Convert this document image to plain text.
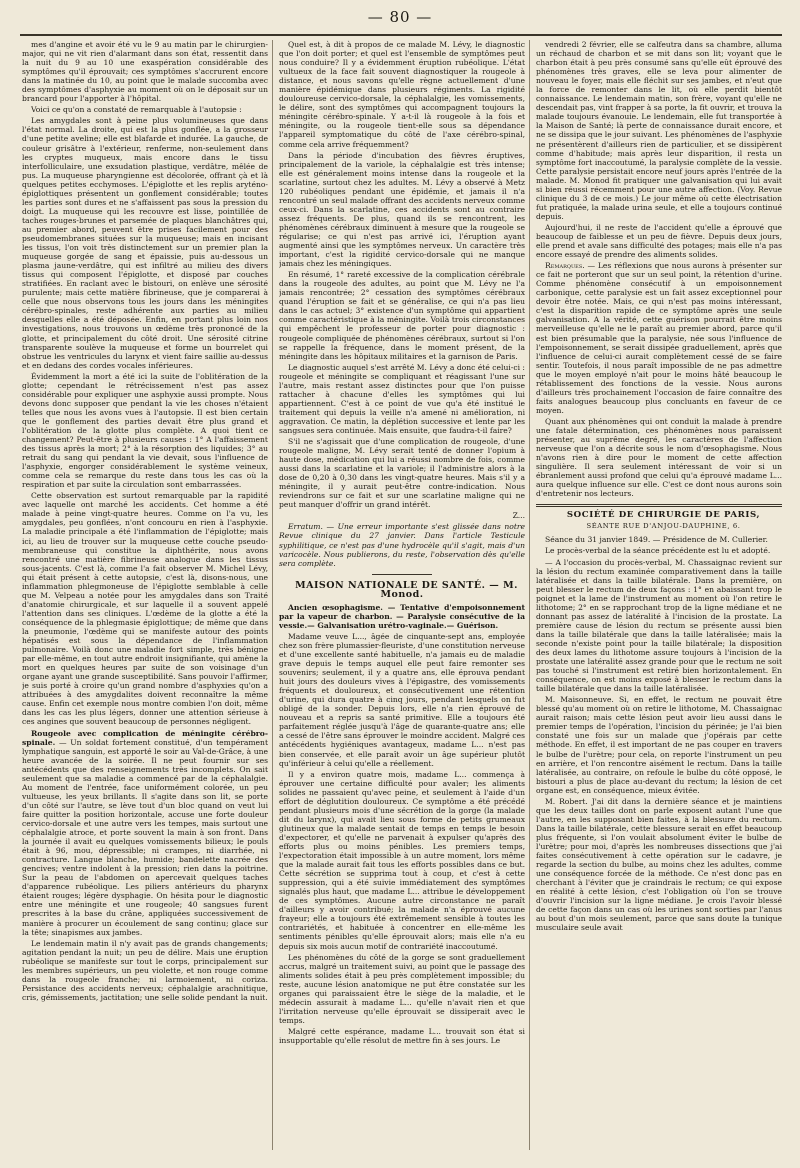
— 80 —

mes d'angine et avoir été vu le 9 au matin par le chirurgien-major, qui ne vit rien d'alarmant dans son état, ressentit dans la nuit du 9 au 10 une exaspération considérable des symptômes qu'il éprouvait; ces symptômes s'accrurent encore dans la matinée du 10, au point que le malade succomba avec des symptômes d'asphyxie au moment où on le déposait sur un brancard pour l'apporter à l'hôpital.

Voici ce qu'on a constaté de remarquable à l'autopsie :

Les amygdales sont à peine plus volumineuses que dans l'état normal. La droite, qui est la plus gonflée, a la grosseur d'une petite aveline; elle est blafarde et indurée. La gauche, de couleur grisâtre à l'extérieur, renferme, non-seulement dans les cryptes muqueux, mais encore dans le tissu interfolliculaire, une exsudation plastique, verdâtre, mêlée de pus. La muqueuse pharyngienne est décolorée, offrant çà et là quelques petites ecchymoses. L'épiglotte et les replis aryténo-épiglottiques présentent un gonflement considérable; toutes les parties sont dures et ne s'affaissent pas sous la pression du doigt. La muqueuse qui les recouvre est lisse, pointillée de taches rouges-brunes et parsemée de plaques blanchâtres qui, au premier abord, peuvent être prises facilement pour des pseudomembranes situées sur la muqueuse; mais en incisant les tissus, l'on voit très distinctement sur un premier plan la muqueuse gorgée de sang et épaissie, puis au-dessous un plasma jaune-verdâtre, qui est infiltré au milieu des divers tissus qui composent l'épiglotte, et disposé par couches stratifiées. En raclant avec le bistouri, on enlève une sérosité purulente; mais cette matière fibrineuse, que je comparerai à celle que nous observons tous les jours dans les méningites cérébro-spinales, reste adhérente aux parties au milieu desquelles elle a été déposée. Enfin, en portant plus loin nos investigations, nous trouvons un œdème très prononcé de la glotte, et principalement du côté droit. Une sérosité citrine transparente soulève la muqueuse et forme un bourrelet qui obstrue les ventricules du larynx et vient faire saillie au-dessus et en dedans des cordes vocales inférieures.

Évidemment la mort a été ici la suite de l'oblitération de la glotte; cependant le rétrécissement n'est pas assez considérable pour expliquer une asphyxie aussi prompte. Nous devons donc supposer que pendant la vie les choses n'étaient telles que nous les avons vues à l'autopsie. Il est bien certain que le gonflement des parties devait être plus grand et l'oblitération de la glotte plus complète. A quoi tient ce changement? Peut-être à plusieurs causes : 1° A l'affaissement des tissus après la mort; 2° à la résorption des liquides; 3° au retrait du sang qui pendant la vie devait, sous l'influence de l'asphyxie, engorger considérablement le système veineux, comme cela se remarque du reste dans tous les cas où la respiration et par suite la circulation sont embarrassées.

Cette observation est surtout remarquable par la rapidité avec laquelle ont marché les accidents. Cet homme a été malade à peine vingt-quatre heures. Comme on l'a vu, les amygdales, peu gonflées, n'ont concouru en rien à l'asphyxie. La maladie principale a été l'inflammation de l'épiglotte; mais ici, au lieu de trouver sur la muqueuse cette couche pseudo-membraneuse qui constitue la diphthérite, nous avons rencontré une matière fibrineuse analogue dans les tissus sous-jacents. C'est là, comme l'a fait observer M. Michel Lévy, qui était présent à cette autopsie, c'est là, disons-nous, une inflammation phlegmoneuse de l'épiglotte semblable à celle que M. Velpeau a notée pour les amygdales dans son Traité d'anatomie chirurgicale, et sur laquelle il a souvent appelé l'attention dans ses cliniques. L'œdème de la glotte a été la conséquence de la phlegmasie épiglottique; de même que dans la pneumonie, l'œdème qui se manifeste autour des points hépatisés est sous la dépendance de l'inflammation pulmonaire. Voilà donc une maladie fort simple, très bénigne par elle-même, en tout autre endroit insignifiante, qui amène la mort en quelques heures par suite de son voisinage d'un organe ayant une grande susceptibilité. Sans pouvoir l'affirmer, je suis porté à croire qu'un grand nombre d'asphyxies qu'on a attribuées à des amygdalites doivent reconnaître la même cause. Enfin cet exemple nous montre combien l'on doit, même dans les cas les plus légers, donner une attention sérieuse à ces angines que souvent beaucoup de personnes négligent.

Rougeole avec complication de méningite cérébro-spinale. — Un soldat fortement constitué, d'un tempérament lymphatique sanguin, est apporté le soir au Val-de-Grâce, à une heure avancée de la soirée. Il ne peut fournir sur ses antécédents que des renseignements très incomplets. On sait seulement que sa maladie a commencé par de la céphalalgie. Au moment de l'entrée, face uniformément colorée, un peu vultueuse, les yeux brillants. Il s'agite dans son lit, se porte d'un côté sur l'autre, se lève tout d'un bloc quand on veut lui faire quitter la position horizontale, accuse une forte douleur cervico-dorsale et une autre vers les tempes, mais surtout une céphalalgie atroce, et porte souvent la main à son front. Dans la journée il avait eu quelques vomissements bilieux; le pouls était à 96, mou, dépressible; ni crampes, ni diarrhée, ni contracture. Langue blanche, humide; bandelette nacrée des gencives; ventre indolent à la pression; rien dans la poitrine. Sur la peau de l'abdomen on apercevait quelques taches d'apparence rubéolique. Les piliers antérieurs du pharynx étaient rouges; légère dysphagie. On hésita pour le diagnostic entre une méningite et une rougeole; 40 sangsues furent prescrites à la base du crâne, appliquées successivement de manière à procurer un écoulement de sang continu; glace sur la tête; sinapismes aux jambes.

Le lendemain matin il n'y avait pas de grands changements; agitation pendant la nuit; un peu de délire. Mais une éruption rubéolique se manifeste sur tout le corps, principalement sur les membres supérieurs, un peu violette, et non rouge comme dans la rougeole franche; ni larmoiement, ni coriza. Persistance des accidents nerveux; céphalalgie arachnitique, cris, gémissements, jactitation; une selle solide pendant la nuit.

Quel est, à dit à propos de ce malade M. Lévy, le diagnostic que l'on doit porter; et quel est l'ensemble de symptômes peut nous conduire? Il y a évidemment éruption rubéolique. L'état vultueux de la face fait souvent diagnostiquer la rougeole à distance, et nous savons qu'elle règne actuellement d'une manière épidémique dans plusieurs régiments. La rigidité douloureuse cervico-dorsale, la céphalalgie, les vomissements, le délire, sont des symptômes qui accompagnent toujours la méningite cérébro-spinale. Y a-t-il là rougeole à la fois et méningite, ou la rougeole tient-elle sous sa dépendance l'appareil symptomatique du côté de l'axe cérébro-spinal, comme cela arrive fréquemment?

Dans la période d'incubation des fièvres éruptives, principalement de la variole, la céphalalgie est très intense; elle est généralement moins intense dans la rougeole et la scarlatine, surtout chez les adultes. M. Lévy a observé à Metz 120 rubéoliques pendant une épidémie, et jamais il n'a rencontré un seul malade offrant des accidents nerveux comme ceux-ci. Dans la scarlatine, ces accidents sont au contraire assez fréquents. De plus, quand ils se rencontrent, les phénomènes cérébraux diminuent à mesure que la rougeole se régularise; ce qui n'est pas arrivé ici, l'éruption ayant augmenté ainsi que les symptômes nerveux. Un caractère très important, c'est la rigidité cervico-dorsale qui ne manque jamais chez les méningiques.

En résumé, 1° rareté excessive de la complication cérébrale dans la rougeole des adultes, au point que M. Lévy ne l'a jamais rencontrée; 2° cessation des symptômes cérébraux quand l'éruption se fait et se généralise, ce qui n'a pas lieu dans le cas actuel; 3° existence d'un symptôme qui appartient comme caractéristique à la méningite. Voilà trois circonstances qui empêchent le professeur de porter pour diagnostic : rougeole compliquée de phénomènes cérébraux, surtout si l'on se rappelle la fréquence, dans le moment présent, de la méningite dans les hôpitaux militaires et la garnison de Paris.

Le diagnostic auquel s'est arrêté M. Lévy a donc été celui-ci : rougeole et méningite se compliquant et réagissant l'une sur l'autre, mais restant assez distinctes pour que l'on puisse rattacher à chacune d'elles les symptômes qui lui appartiennent. C'est à ce point de vue qu'a été institué le traitement qui depuis la veille n'a amené ni amélioration, ni aggravation. Ce matin, la déplétion successive et lente par les sangsues sera continuée. Mais ensuite, que faudra-t-il faire?

S'il ne s'agissait que d'une complication de rougeole, d'une rougeole maligne, M. Lévy serait tenté de donner l'opium à haute dose, médication qui lui a réussi nombre de fois, comme aussi dans la scarlatine et la variole; il l'administre alors à la dose de 0,20 à 0,30 dans les vingt-quatre heures. Mais s'il y a méningite, il y aurait peut-être contre-indication. Nous reviendrons sur ce fait et sur une scarlatine maligne qui ne peut manquer d'offrir un grand intérêt.

Z...

Erratum. — Une erreur importante s'est glissée dans notre Revue clinique du 27 janvier. Dans l'article Testicule syphilitique, ce n'est pas d'une hydrocèle qu'il s'agit, mais d'un varicocèle. Nous publierons, du reste, l'observation dès qu'elle sera complète.

MAISON NATIONALE DE SANTÉ. — M. Monod.

Ancien œsophagisme. — Tentative d'empoisonnement par la vapeur de charbon. — Paralysie consécutive de la vessie.— Galvanisation urétro-vaginale.— Guérison.

Madame veuve L..., âgée de cinquante-sept ans, employée chez son frère plumassier-fleuriste, d'une constitution nerveuse et d'une excellente santé habituelle, n'a jamais eu de maladie grave depuis le temps auquel elle peut faire remonter ses souvenirs; seulement, il y a quatre ans, elle éprouva pendant huit jours des douleurs vives à l'épigastre, des vomissements fréquents et douloureux, et consécutivement une rétention d'urine, qui dura quatre à cinq jours, pendant lesquels on fut obligé de la sonder. Depuis lors, elle n'a rien éprouvé de nouveau et a repris sa santé primitive. Elle a toujours été parfaitement réglée jusqu'à l'âge de quarante-quatre ans; elle a cessé de l'être sans éprouver le moindre accident. Malgré ces antécédents hygiéniques avantageux, madame L... n'est pas bien conservée, et elle paraît avoir un âge supérieur plutôt qu'inférieur à celui qu'elle a réellement.

Il y a environ quatre mois, madame L... commença à éprouver une certaine difficulté pour avaler; les aliments solides ne passaient qu'avec peine, et seulement à l'aide d'un effort de déglutition douloureux. Ce symptôme a été précédé pendant plusieurs mois d'une sécrétion de la gorge (la malade dit du larynx), qui avait lieu sous forme de petits grumeaux glutineux que la malade sentait de temps en temps le besoin d'expectorer, et qu'elle ne parvenait à expulser qu'après des efforts plus ou moins pénibles. Les premiers temps, l'expectoration était impossible à un autre moment, lors même que la malade aurait fait tous les efforts possibles dans ce but. Cette sécrétion se supprima tout à coup, et c'est à cette suppression, qui a été suivie immédiatement des symptômes signalés plus haut, que madame L... attribue le développement de ces symptômes. Aucune autre circonstance ne paraît d'ailleurs y avoir contribué; la malade n'a éprouvé aucune frayeur; elle a toujours été extrêmement sensible à toutes les contrariétés, et habituée à concentrer en elle-même les sentiments pénibles qu'elle éprouvait alors; mais elle n'a eu depuis six mois aucun motif de contrariété inaccoutumé.

Les phénomènes du côté de la gorge se sont graduellement accrus, malgré un traitement suivi, au point que le passage des aliments solides était à peu près complètement impossible; du reste, aucune lésion anatomique ne put être constatée sur les organes qui paraissaient être le siège de la maladie, et le médecin assurait à madame L... qu'elle n'avait rien et que l'irritation nerveuse qu'elle éprouvait se dissiperait avec le temps.

Malgré cette espérance, madame L... trouvait son état si insupportable qu'elle résolut de mettre fin à ses jours. Le

vendredi 2 février, elle se calfeutra dans sa chambre, alluma un réchaud de charbon et se mit dans son lit; voyant que le charbon était à peu près consumé sans qu'elle eût éprouvé des phénomènes très graves, elle se leva pour alimenter de nouveau le foyer, mais elle fléchit sur ses jambes, et n'eut que la force de remonter dans le lit, où elle perdit bientôt connaissance. Le lendemain matin, son frère, voyant qu'elle ne descendait pas, vint frapper à sa porte, la fit ouvrir, et trouva la malade toujours évanouie. Le lendemain, elle fut transportée à la Maison de Santé; là perte de connaissance durait encore, et ne se dissipa que le jour suivant. Les phénomènes de l'asphyxie ne présentèrent d'ailleurs rien de particulier, et se dissipèrent comme d'habitude; mais après leur disparition, il resta un symptôme fort inaccoutumé, la paralysie complète de la vessie. Cette paralysie persistait encore neuf jours après l'entrée de la malade. M. Monod fit pratiquer une galvanisation qui lui avait si bien réussi récemment pour une autre affection. (Voy. Revue clinique du 3 de ce mois.) Le jour même où cette électrisation fut pratiquée, la malade urina seule, et elle a toujours continué depuis.

Aujourd'hui, il ne reste de l'accident qu'elle a éprouvé que beaucoup de faiblesse et un peu de fièvre. Depuis deux jours, elle prend et avale sans difficulté des potages; mais elle n'a pas encore essayé de prendre des aliments solides.

Remarques. — Les réflexions que nous aurons à présenter sur ce fait ne porteront que sur un seul point, la rétention d'urine. Comme phénomène consécutif à un empoisonnement carbonique, cette paralysie est un fait assez exceptionnel pour devoir être notée. Mais, ce qui n'est pas moins intéressant, c'est la disparition rapide de ce symptôme après une seule galvanisation. A la vérité, cette guérison pourrait être moins merveilleuse qu'elle ne le paraît au premier abord, parce qu'il est bien présumable que la paralysie, née sous l'influence de l'empoisonnement, se serait dissipée graduellement, après que l'influence de celui-ci aurait complètement cessé de se faire sentir. Toutefois, il nous paraît impossible de ne pas admettre que le moyen employé n'ait pour le moins hâté beaucoup le rétablissement des fonctions de la vessie. Nous aurons d'ailleurs très prochainement l'occasion de faire connaître des faits analogues beaucoup plus concluants en faveur de ce moyen.

Quant aux phénomènes qui ont conduit la malade à prendre une fatale détermination, ces phénomènes nous paraissent présenter, au suprême degré, les caractères de l'affection nerveuse que l'on a décrite sous le nom d'œsophagisme. Nous n'avons rien à dire pour le moment de cette affection singulière. Il sera seulement intéressant de voir si un ébranlement aussi profond que celui qu'a éprouvé madame L... aura quelque influence sur elle. C'est ce dont nous aurons soin d'entretenir nos lecteurs.

SOCIÉTÉ DE CHIRURGIE DE PARIS,

SÉANTE RUE D'ANJOU-DAUPHINE, 6.

Séance du 31 janvier 1849. — Présidence de M. Cullerier.

Le procès-verbal de la séance précédente est lu et adopté.

— A l'occasion du procès-verbal, M. Chassaignac revient sur la lésion du rectum examinée comparativement dans la taille latéralisée et dans la taille bilatérale. Dans la première, on peut blesser le rectum de deux façons : 1° en abaissant trop le poignet et la lame de l'instrument au moment où l'on retire le lithotome; 2° en se rapprochant trop de la ligne médiane et ne donnant pas assez de latéralité à l'incision de la prostate. La première cause de lésion du rectum se présente aussi bien dans la taille bilatérale que dans la taille latéralisée; mais la seconde n'existe point pour la taille bilatérale; la disposition des deux lames du lithotome assure toujours à l'incision de la prostate une latéralité assez grande pour que le rectum ne soit pas touché si l'instrument est retiré bien horizontalement. En conséquence, on est moins exposé à blesser le rectum dans la taille bilatérale que dans la taille latéralisée.

M. Maisonneuve. Si, en effet, le rectum ne pouvait être blessé qu'au moment où on retire le lithotome, M. Chassaignac aurait raison; mais cette lésion peut avoir lieu aussi dans le premier temps de l'opération, l'incision du périnée; je l'ai bien constaté une fois sur un malade que j'opérais par cette méthode. En effet, il est important de ne pas couper en travers le bulbe de l'urètre; pour cela, on reporte l'instrument un peu en arrière, et l'on rencontre aisément le rectum. Dans la taille latéralisée, au contraire, on refoule le bulbe du côté opposé, le bistouri a plus de place au-devant du rectum; la lésion de cet organe est, en conséquence, mieux évitée.

M. Robert. J'ai dit dans la dernière séance et je maintiens que les deux tailles dont on parle exposent autant l'une que l'autre, en les supposant bien faites, à la blessure du rectum. Dans la taille bilatérale, cette blessure serait en effet beaucoup plus fréquente, si l'on voulait absolument éviter le bulbe de l'urètre; pour moi, d'après les nombreuses dissections que j'ai faites consécutivement à cette opération sur le cadavre, je regarde la section du bulbe, au moins chez les adultes, comme une conséquence forcée de la méthode. Ce n'est donc pas en cherchant à l'éviter que je craindrais le rectum; ce qui expose en réalité à cette lésion, c'est l'obligation où l'on se trouve d'ouvrir l'incision sur la ligne médiane. Je crois l'avoir blessé de cette façon dans un cas où les urines sont sorties par l'anus au bout d'un mois seulement, parce que sans doute la tunique musculaire seule avait
